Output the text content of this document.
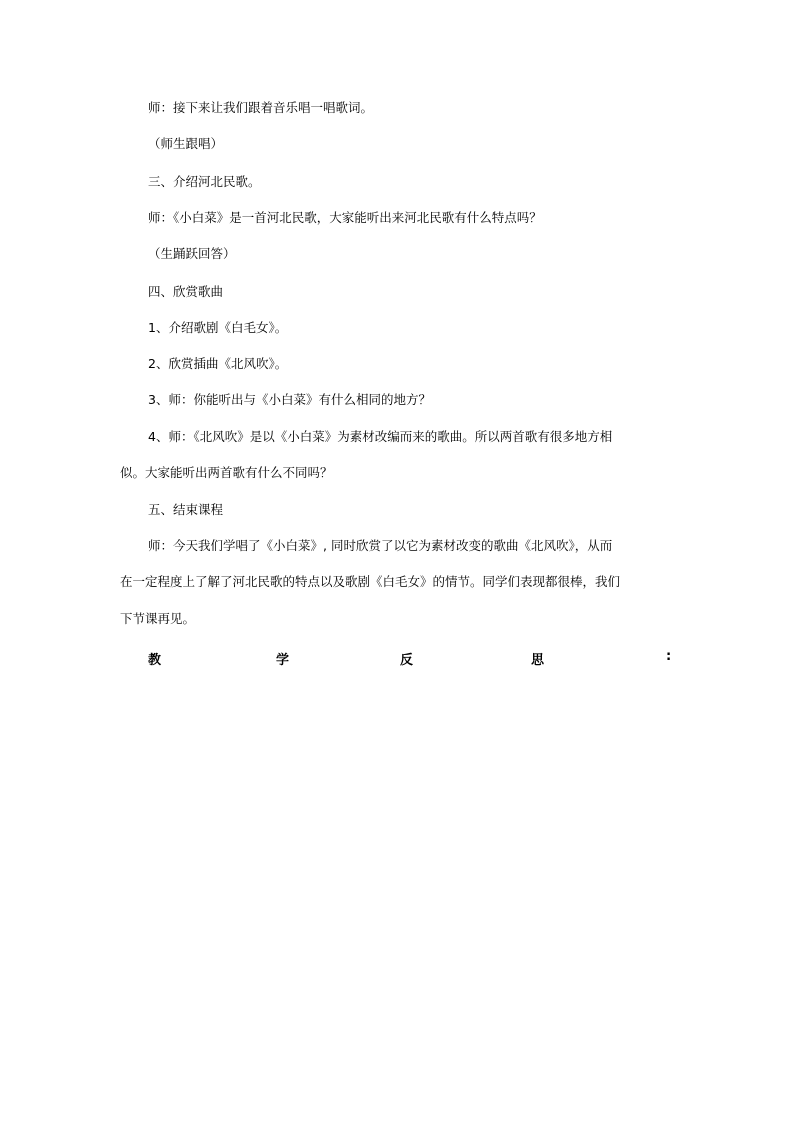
师：接下来让我们跟着音乐唱一唱歌词。
（师生跟唱）
三、介绍河北民歌。
师：《小白菜》是一首河北民歌，大家能听出来河北民歌有什么特点吗？
（生踊跃回答）
四、欣赏歌曲
1、介绍歌剧《白毛女》。
2、欣赏插曲《北风吹》。
3、师：你能听出与《小白菜》有什么相同的地方？
4、师：《北风吹》是以《小白菜》为素材改编而来的歌曲。所以两首歌有很多地方相
似。大家能听出两首歌有什么不同吗？
五、结束课程
师：今天我们学唱了《小白菜》, 同时欣赏了以它为素材改变的歌曲《北风吹》，从而
在一定程度上了解了河北民歌的特点以及歌剧《白毛女》的情节。同学们表现都很棒，我们
下节课再见。
教	学	反	思	:
